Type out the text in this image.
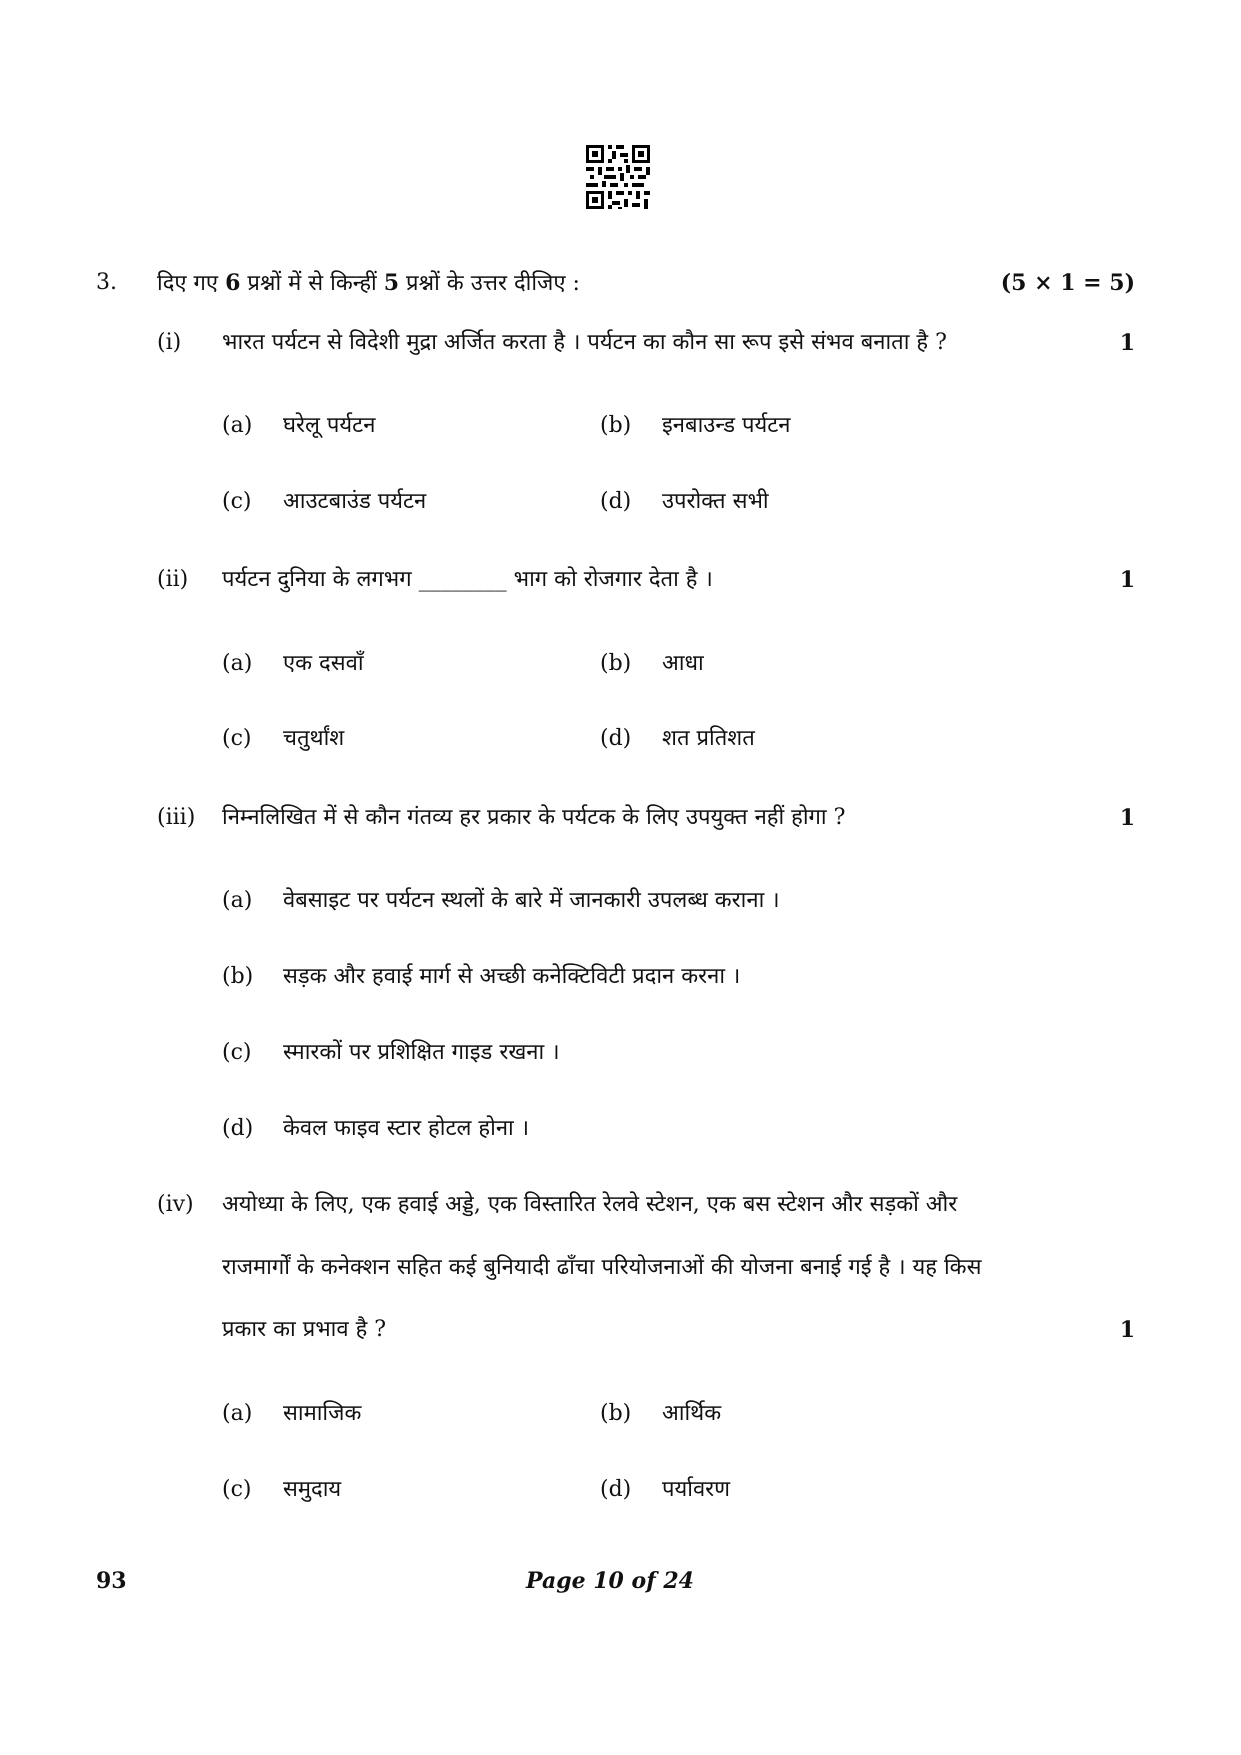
3. दिए गए 6 प्रश्नों में से किन्हीं 5 प्रश्नों के उत्तर दीजिए :	(5 × 1 = 5)
(i) भारत पर्यटन से विदेशी मुद्रा अर्जित करता है । पर्यटन का कौन सा रूप इसे संभव बनाता है ?	1
(a) घरेलू पर्यटन	(b) इनबाउन्ड पर्यटन
(c) आउटबाउंड पर्यटन	(d) उपरोक्त सभी
(ii) पर्यटन दुनिया के लगभग ________ भाग को रोजगार देता है ।	1
(a) एक दसवाँ	(b) आधा
(c) चतुर्थांश	(d) शत प्रतिशत
(iii) निम्नलिखित में से कौन गंतव्य हर प्रकार के पर्यटक के लिए उपयुक्त नहीं होगा ?	1
(a) वेबसाइट पर पर्यटन स्थलों के बारे में जानकारी उपलब्ध कराना ।
(b) सड़क और हवाई मार्ग से अच्छी कनेक्टिविटी प्रदान करना ।
(c) स्मारकों पर प्रशिक्षित गाइड रखना ।
(d) केवल फाइव स्टार होटल होना ।
(iv) अयोध्या के लिए, एक हवाई अड्डे, एक विस्तारित रेलवे स्टेशन, एक बस स्टेशन और सड़कों और
राजमार्गों के कनेक्शन सहित कई बुनियादी ढाँचा परियोजनाओं की योजना बनाई गई है । यह किस
प्रकार का प्रभाव है ?	1
(a) सामाजिक	(b) आर्थिक
(c) समुदाय	(d) पर्यावरण
93	Page 10 of 24
